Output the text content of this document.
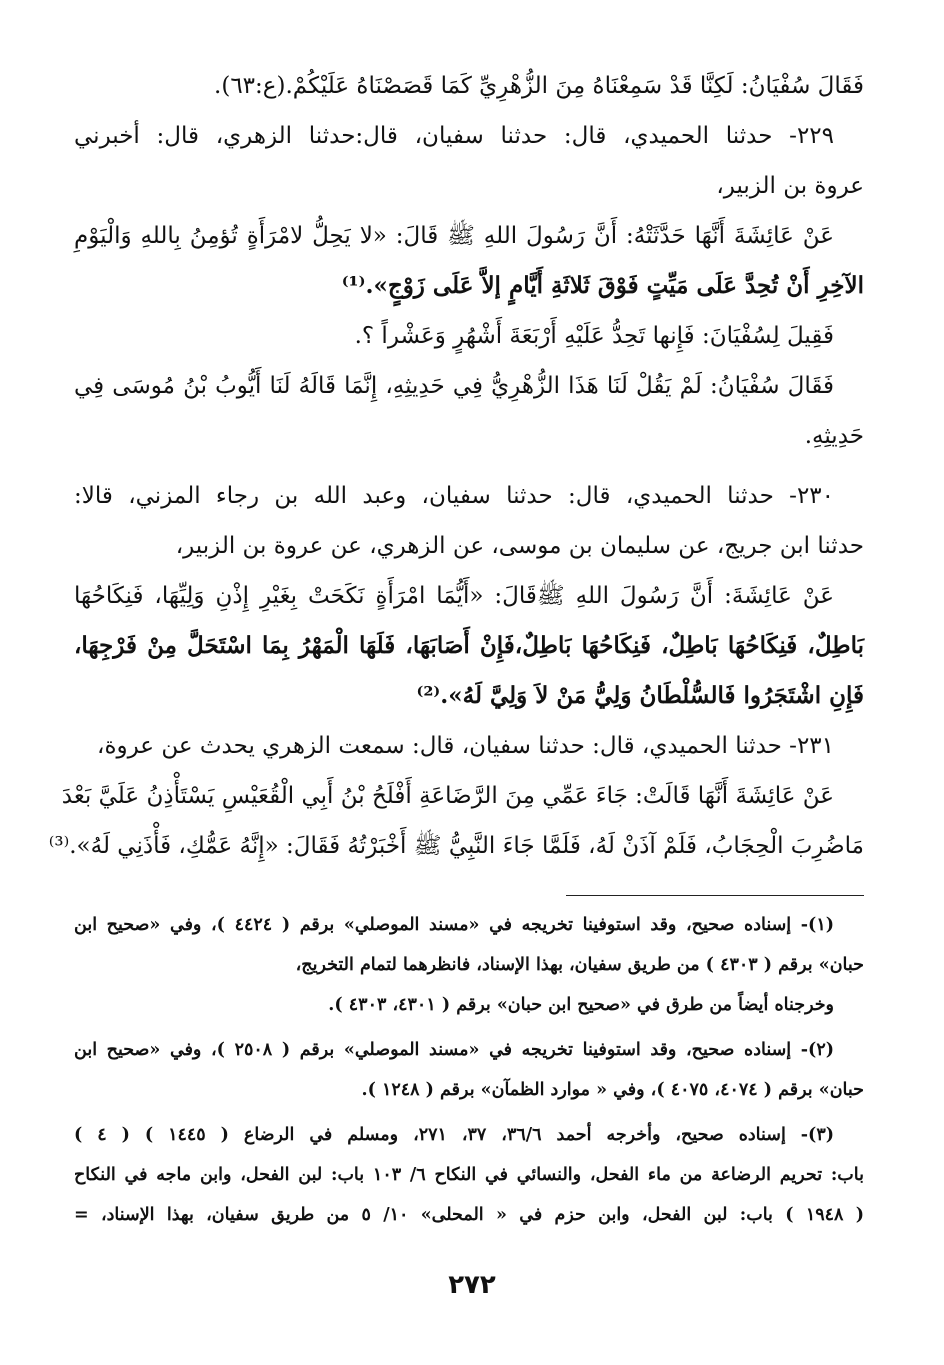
فَقَالَ سُفْيَانُ: لَكِنَّا قَدْ سَمِعْنَاهُ مِنَ الزُّهْرِيِّ كَمَا قَصَصْنَاهُ عَلَيْكُمْ.(ع:٦٣).
٢٢٩- حدثنا الحميدي، قال: حدثنا سفيان، قال:حدثنا الزهري، قال: أخبرني
عروة بن الزبير،
عَنْ عَائِشَةَ أَنَّهَا حَدَّثَتْهُ: أَنَّ رَسُولَ اللهِ ﷺ قَالَ: «لا يَحِلُّ لامْرَأَةٍ تُؤمِنُ بِاللهِ وَالْيَوْمِ
الآخِرِ أَنْ تُحِدَّ عَلَى مَيِّتٍ فَوْقَ ثَلاثَةِ أَيَّامٍ إلاَّ عَلَى زَوْجٍ».⁽¹⁾
فَقِيلَ لِسُفْيَانَ: فَإِنها تَحِدُّ عَلَيْهِ أَرْبَعَةَ أَشْهُرٍ وَعَشْراً ؟.
فَقَالَ سُفْيَانُ: لَمْ يَقُلْ لَنَا هَذَا الزُّهْرِيُّ فِي حَدِيثِهِ، إِنَّمَا قَالَهُ لَنَا أَيُّوبُ بْنُ مُوسَى فِي
حَدِيثِهِ.
٢٣٠- حدثنا الحميدي، قال: حدثنا سفيان، وعبد الله بن رجاء المزني، قالا:
حدثنا ابن جريج، عن سليمان بن موسى، عن الزهري، عن عروة بن الزبير،
عَنْ عَائِشَةَ: أَنَّ رَسُولَ اللهِ ﷺقَالَ: «أَيُّمَا امْرَأَةٍ نَكَحَتْ بِغَيْرِ إِذْنِ وَلِيِّهَا، فَنِكَاحُهَا
بَاطِلٌ، فَنِكَاحُهَا بَاطِلٌ، فَنِكَاحُهَا بَاطِلٌ،فَإِنْ أَصَابَهَا، فَلَهَا الْمَهْرُ بِمَا اسْتَحَلَّ مِنْ فَرْجِهَا،
فَإِنِ اشْتَجَرُوا فَالسُّلْطَانُ وَلِيُّ مَنْ لاَ وَلِيَّ لَهُ».⁽²⁾
٢٣١- حدثنا الحميدي، قال: حدثنا سفيان، قال: سمعت الزهري يحدث عن عروة،
عَنْ عَائِشَةَ أَنَّهَا قَالَتْ: جَاءَ عَمِّي مِنَ الرَّضَاعَةِ أَفْلَحُ بْنُ أَبِي الْقُعَيْسِ يَسْتَأْذِنُ عَلَيَّ بَعْدَ
مَاضُرِبَ الْحِجَابُ، فَلَمْ آذَنْ لَهُ، فَلَمَّا جَاءَ النَّبِيُّ ﷺ أَخْبَرْتُهُ فَقَالَ: «إِنَّهُ عَمُّكِ، فَأْذَنِي لَهُ».⁽³⁾
(١)- إسناده صحيح، وقد استوفينا تخريجه في «مسند الموصلي» برقم ( ٤٤٢٤ )، وفي «صحيح ابن
حبان» برقم ( ٤٣٠٣ ) من طريق سفيان، بهذا الإسناد، فانظرهما لتمام التخريج،
وخرجناه أيضاً من طرق في «صحيح ابن حبان» برقم ( ٤٣٠١، ٤٣٠٣ ).
(٢)- إسناده صحيح، وقد استوفينا تخريجه في «مسند الموصلي» برقم ( ٢٥٠٨ )، وفي «صحيح ابن
حبان» برقم ( ٤٠٧٤، ٤٠٧٥ )، وفي « موارد الظمآن» برقم ( ١٢٤٨ ).
(٣)- إسناده صحيح، وأخرجه أحمد ٣٦/٦، ٣٧، ٢٧١، ومسلم في الرضاع ( ١٤٤٥ ) ( ٤ )
باب: تحريم الرضاعة من ماء الفحل، والنسائي في النكاح ٦/ ١٠٣ باب: لبن الفحل، وابن ماجه في النكاح
( ١٩٤٨ ) باب: لبن الفحل، وابن حزم في « المحلى» ١٠/ ٥ من طريق سفيان، بهذا الإسناد، =
٢٧٢
